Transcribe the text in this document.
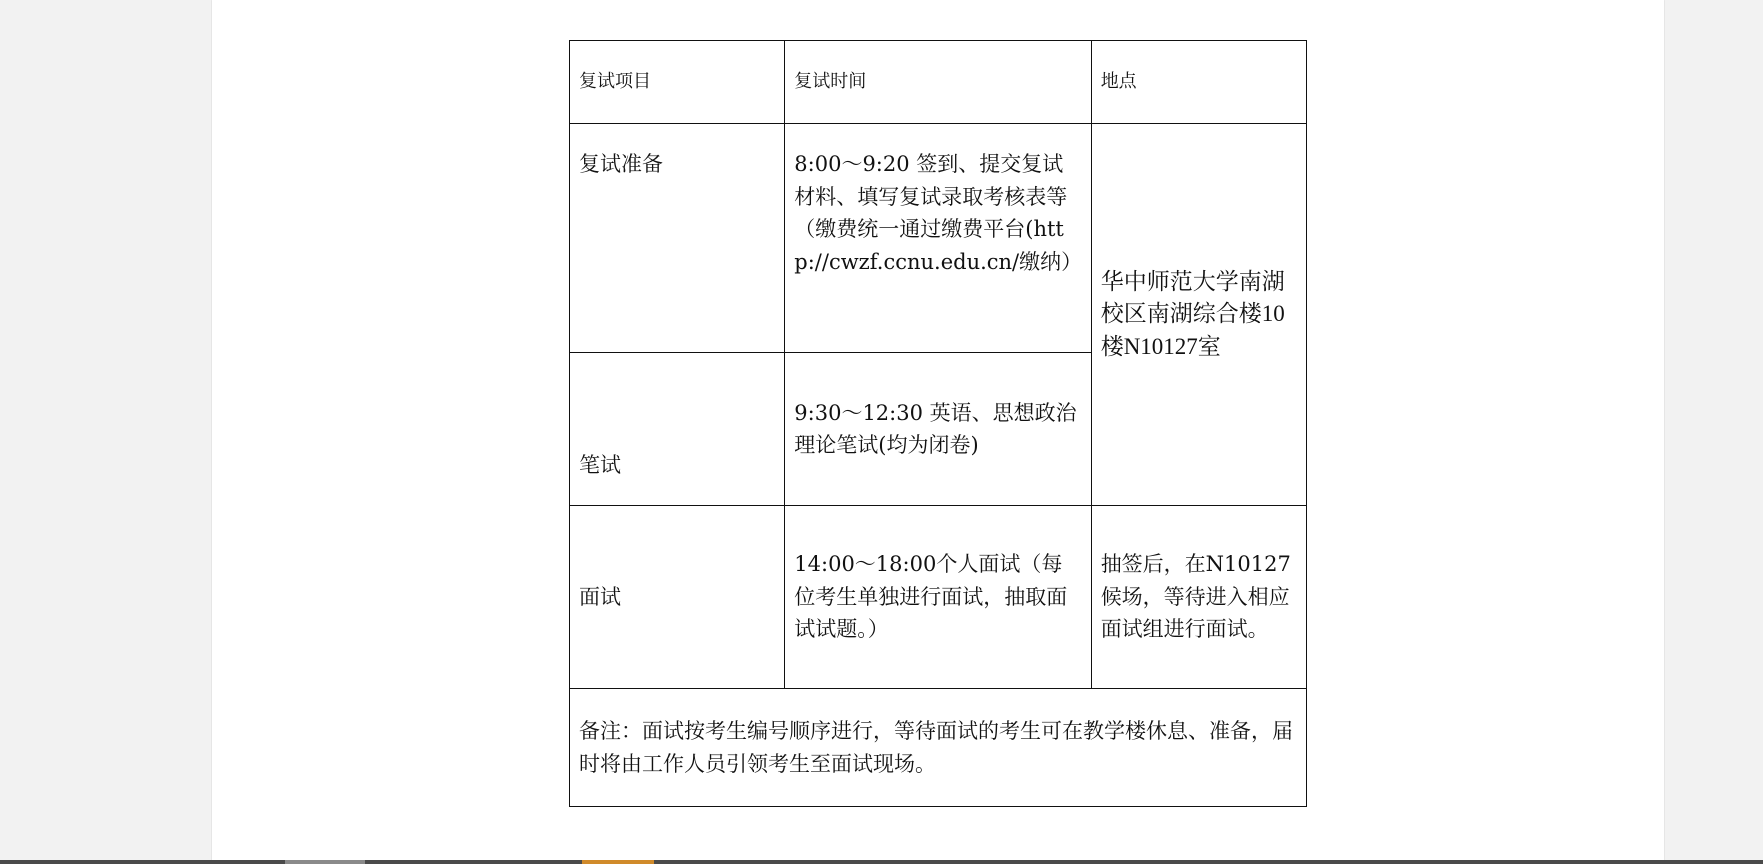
复试项目	复试时间	地点
复试准备	8:00～9:20 签到、提交复试材料、填写复试录取考核表等（缴费统一通过缴费平台(http://cwzf.ccnu.edu.cn/缴纳）	华中师范大学南湖校区南湖综合楼10楼N10127室
笔试	9:30～12:30 英语、思想政治理论笔试(均为闭卷)	
面试	14:00～18:00个人面试（每位考生单独进行面试，抽取面试试题。）	抽签后，在N10127候场，等待进入相应面试组进行面试。
备注：面试按考生编号顺序进行，等待面试的考生可在教学楼休息、准备，届时将由工作人员引领考生至面试现场。		
